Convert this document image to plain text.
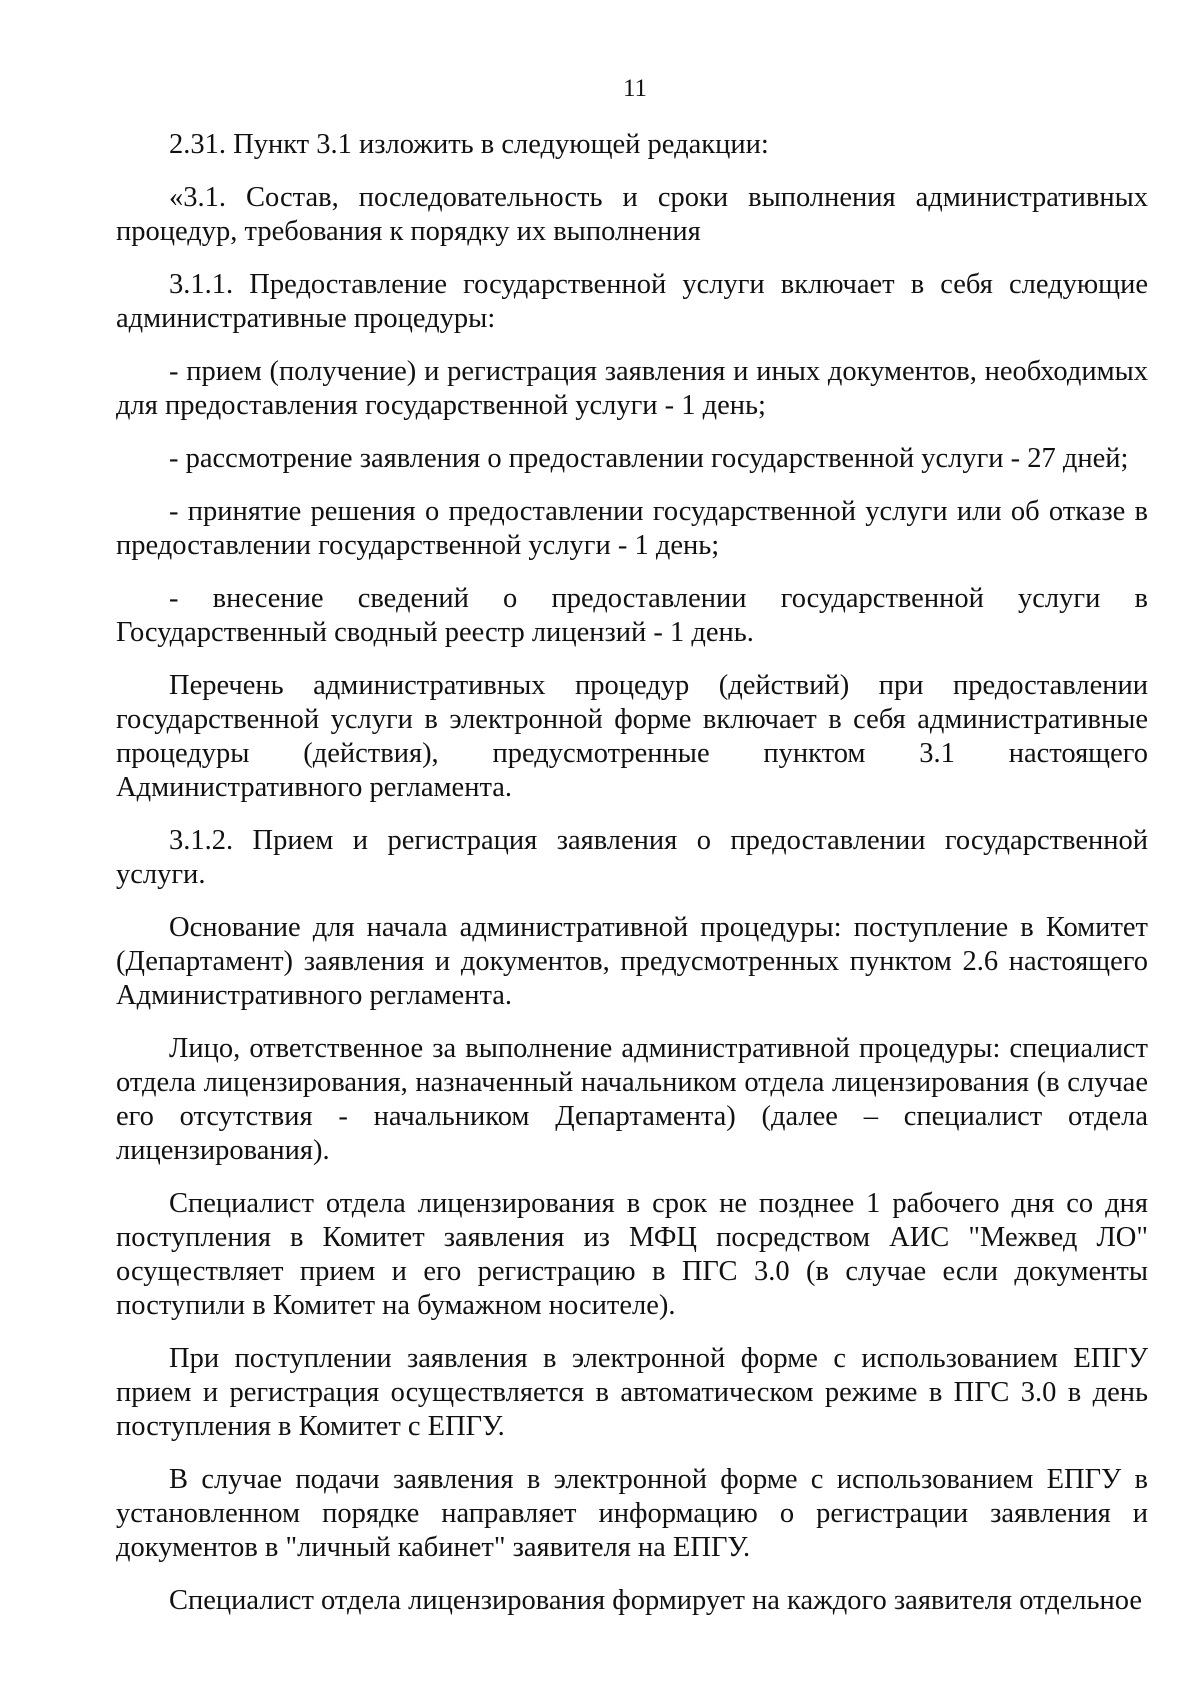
11

2.31. Пункт 3.1 изложить в следующей редакции:

«3.1. Состав, последовательность и сроки выполнения административных процедур, требования к порядку их выполнения

3.1.1. Предоставление государственной услуги включает в себя следующие административные процедуры:

- прием (получение) и регистрация заявления и иных документов, необходимых для предоставления государственной услуги - 1 день;

- рассмотрение заявления о предоставлении государственной услуги - 27 дней;

- принятие решения о предоставлении государственной услуги или об отказе в предоставлении государственной услуги - 1 день;

- внесение сведений о предоставлении государственной услуги в Государственный сводный реестр лицензий - 1 день.

Перечень административных процедур (действий) при предоставлении государственной услуги в электронной форме включает в себя административные процедуры (действия), предусмотренные пунктом 3.1 настоящего Административного регламента.

3.1.2. Прием и регистрация заявления о предоставлении государственной услуги.

Основание для начала административной процедуры: поступление в Комитет (Департамент) заявления и документов, предусмотренных пунктом 2.6 настоящего Административного регламента.

Лицо, ответственное за выполнение административной процедуры: специалист отдела лицензирования, назначенный начальником отдела лицензирования (в случае его отсутствия - начальником Департамента) (далее – специалист отдела лицензирования).

Специалист отдела лицензирования в срок не позднее 1 рабочего дня со дня поступления в Комитет заявления из МФЦ посредством АИС "Межвед ЛО" осуществляет прием и его регистрацию в ПГС 3.0 (в случае если документы поступили в Комитет на бумажном носителе).

При поступлении заявления в электронной форме с использованием ЕПГУ прием и регистрация осуществляется в автоматическом режиме в ПГС 3.0 в день поступления в Комитет с ЕПГУ.

В случае подачи заявления в электронной форме с использованием ЕПГУ в установленном порядке направляет информацию о регистрации заявления и документов в "личный кабинет" заявителя на ЕПГУ.

Специалист отдела лицензирования формирует на каждого заявителя отдельное
